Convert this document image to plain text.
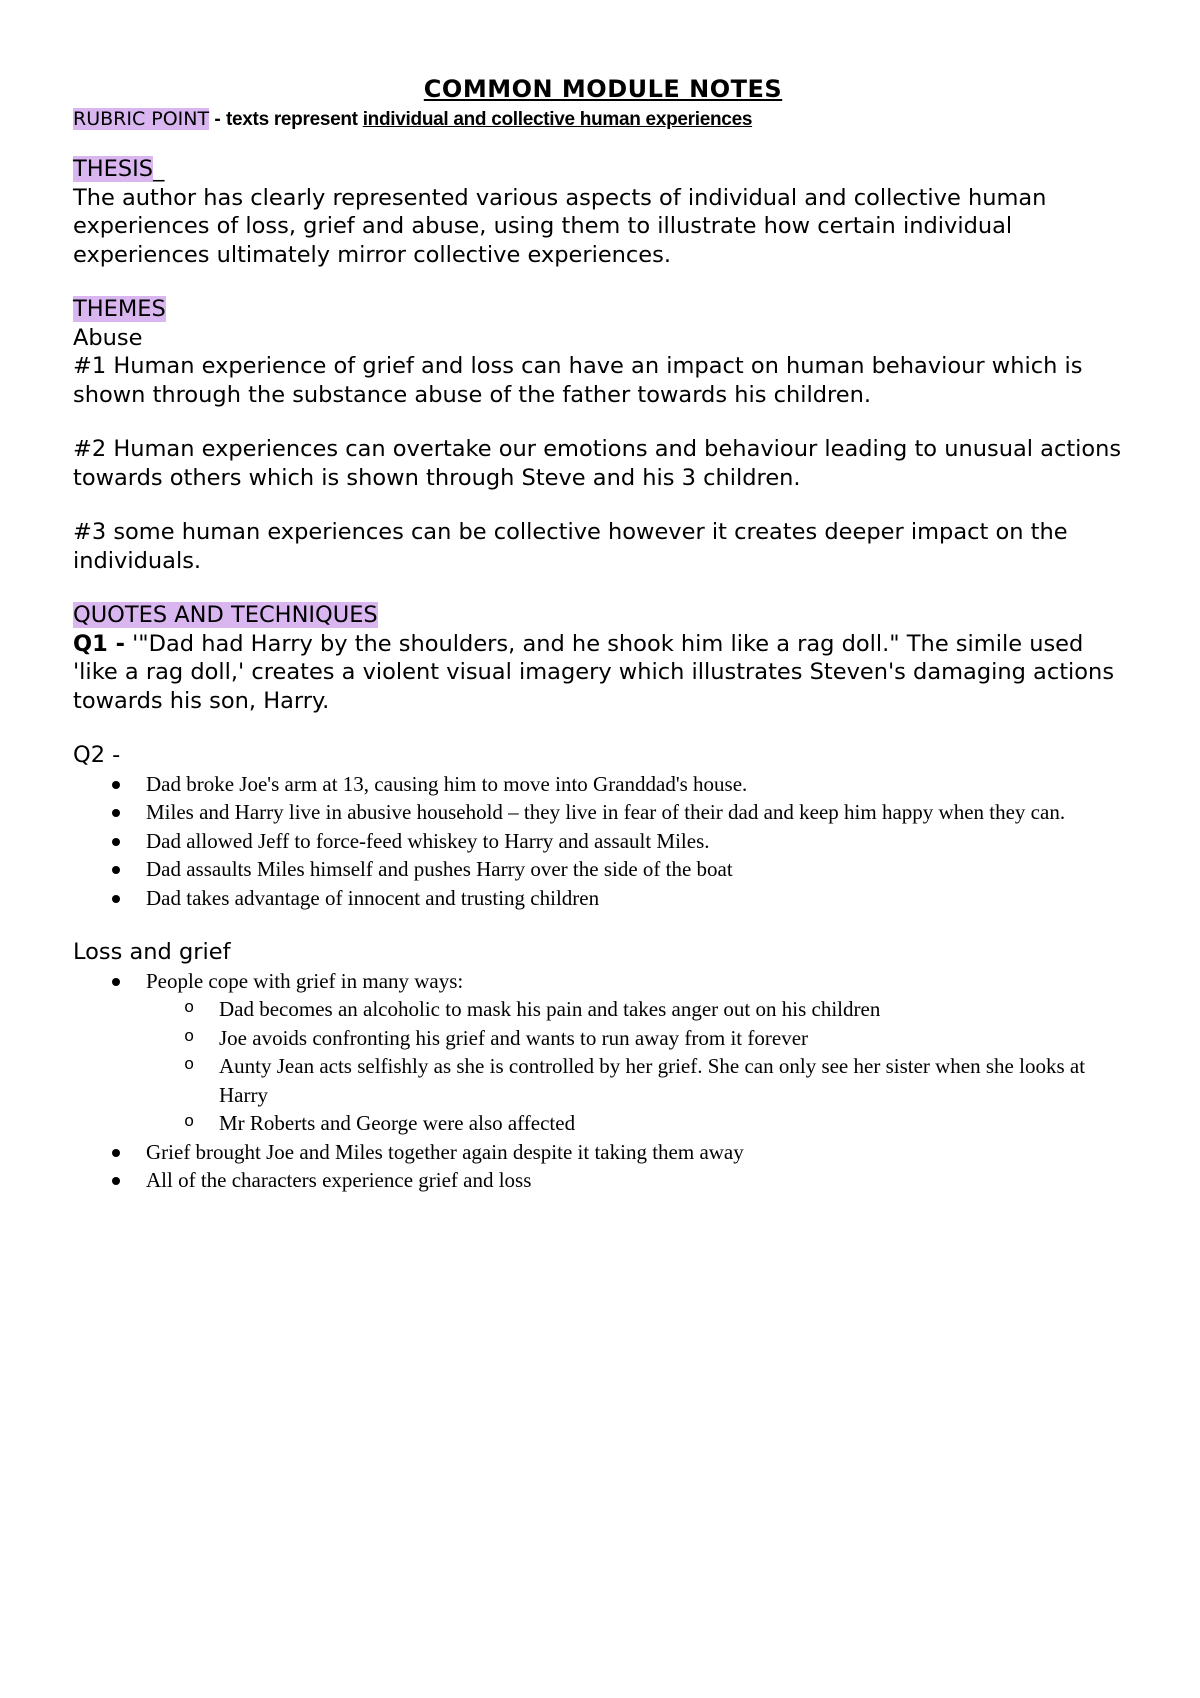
COMMON MODULE NOTES

RUBRIC POINT - texts represent individual and collective human experiences

THESIS_

The author has clearly represented various aspects of individual and collective human experiences of loss, grief and abuse, using them to illustrate how certain individual experiences ultimately mirror collective experiences.

THEMES

Abuse

#1 Human experience of grief and loss can have an impact on human behaviour which is shown through the substance abuse of the father towards his children.

#2 Human experiences can overtake our emotions and behaviour leading to unusual actions towards others which is shown through Steve and his 3 children.

#3 some human experiences can be collective however it creates deeper impact on the individuals.

QUOTES AND TECHNIQUES

Q1 - '"Dad had Harry by the shoulders, and he shook him like a rag doll." The simile used 'like a rag doll,' creates a violent visual imagery which illustrates Steven's damaging actions towards his son, Harry.

Q2 -

Dad broke Joe's arm at 13, causing him to move into Granddad's house.
Miles and Harry live in abusive household – they live in fear of their dad and keep him happy when they can.
Dad allowed Jeff to force-feed whiskey to Harry and assault Miles.
Dad assaults Miles himself and pushes Harry over the side of the boat
Dad takes advantage of innocent and trusting children

Loss and grief

People cope with grief in many ways:
o Dad becomes an alcoholic to mask his pain and takes anger out on his children
o Joe avoids confronting his grief and wants to run away from it forever
o Aunty Jean acts selfishly as she is controlled by her grief. She can only see her sister when she looks at Harry
o Mr Roberts and George were also affected
Grief brought Joe and Miles together again despite it taking them away
All of the characters experience grief and loss
